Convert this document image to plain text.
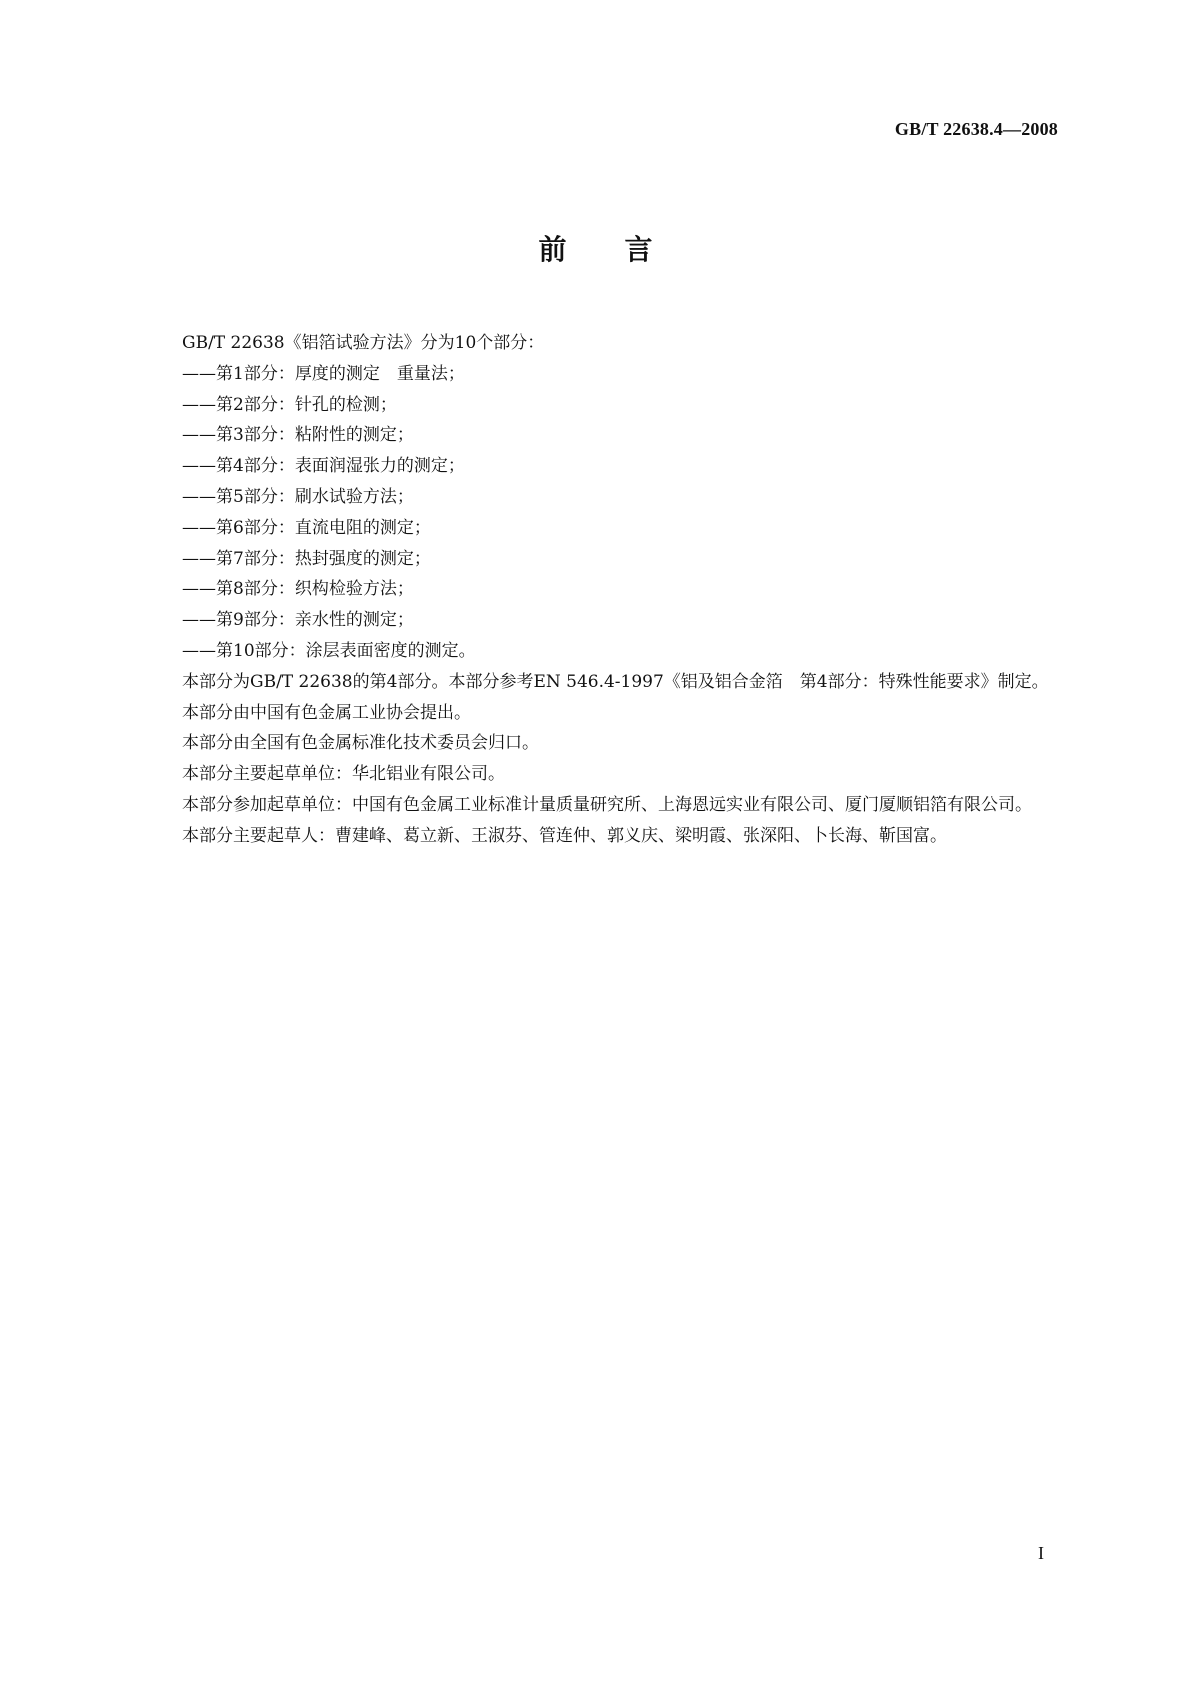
GB/T 22638.4—2008
前言

GB/T 22638《铝箔试验方法》分为10个部分：

——第1部分：厚度的测定　重量法；

——第2部分：针孔的检测；

——第3部分：粘附性的测定；

——第4部分：表面润湿张力的测定；

——第5部分：刷水试验方法；

——第6部分：直流电阻的测定；

——第7部分：热封强度的测定；

——第8部分：织构检验方法；

——第9部分：亲水性的测定；

——第10部分：涂层表面密度的测定。

本部分为GB/T 22638的第4部分。本部分参考EN 546.4-1997《铝及铝合金箔　第4部分：特殊性能要求》制定。

本部分由中国有色金属工业协会提出。

本部分由全国有色金属标准化技术委员会归口。

本部分主要起草单位：华北铝业有限公司。

本部分参加起草单位：中国有色金属工业标准计量质量研究所、上海恩远实业有限公司、厦门厦顺铝箔有限公司。

本部分主要起草人：曹建峰、葛立新、王淑芬、管连仲、郭义庆、梁明霞、张深阳、卜长海、靳国富。

I
